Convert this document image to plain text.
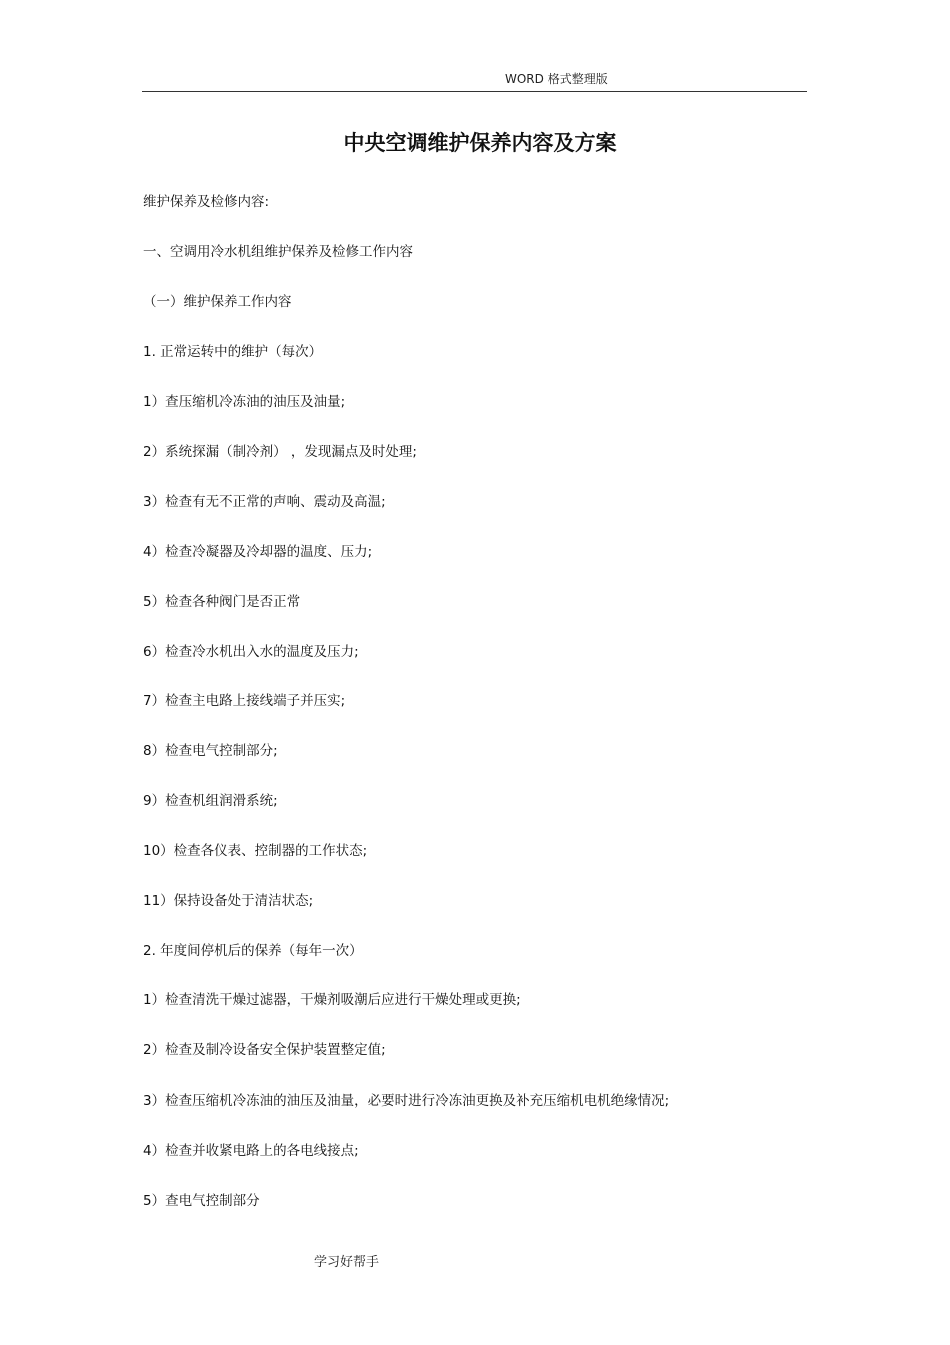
WORD 格式整理版
中央空调维护保养内容及方案
维护保养及检修内容:
一、空调用冷水机组维护保养及检修工作内容
（一）维护保养工作内容
1. 正常运转中的维护（每次）
1）查压缩机冷冻油的油压及油量;
2）系统探漏（制冷剂） ，发现漏点及时处理;
3）检查有无不正常的声响、震动及高温;
4）检查冷凝器及冷却器的温度、压力;
5）检查各种阀门是否正常
6）检查冷水机出入水的温度及压力;
7）检查主电路上接线端子并压实;
8）检查电气控制部分;
9）检查机组润滑系统;
10）检查各仪表、控制器的工作状态;
11）保持设备处于清洁状态;
2. 年度间停机后的保养（每年一次）
1）检查清洗干燥过滤器，干燥剂吸潮后应进行干燥处理或更换;
2）检查及制冷设备安全保护装置整定值;
3）检查压缩机冷冻油的油压及油量，必要时进行冷冻油更换及补充压缩机电机绝缘情况;
4）检查并收紧电路上的各电线接点;
5）查电气控制部分
学习好帮手
